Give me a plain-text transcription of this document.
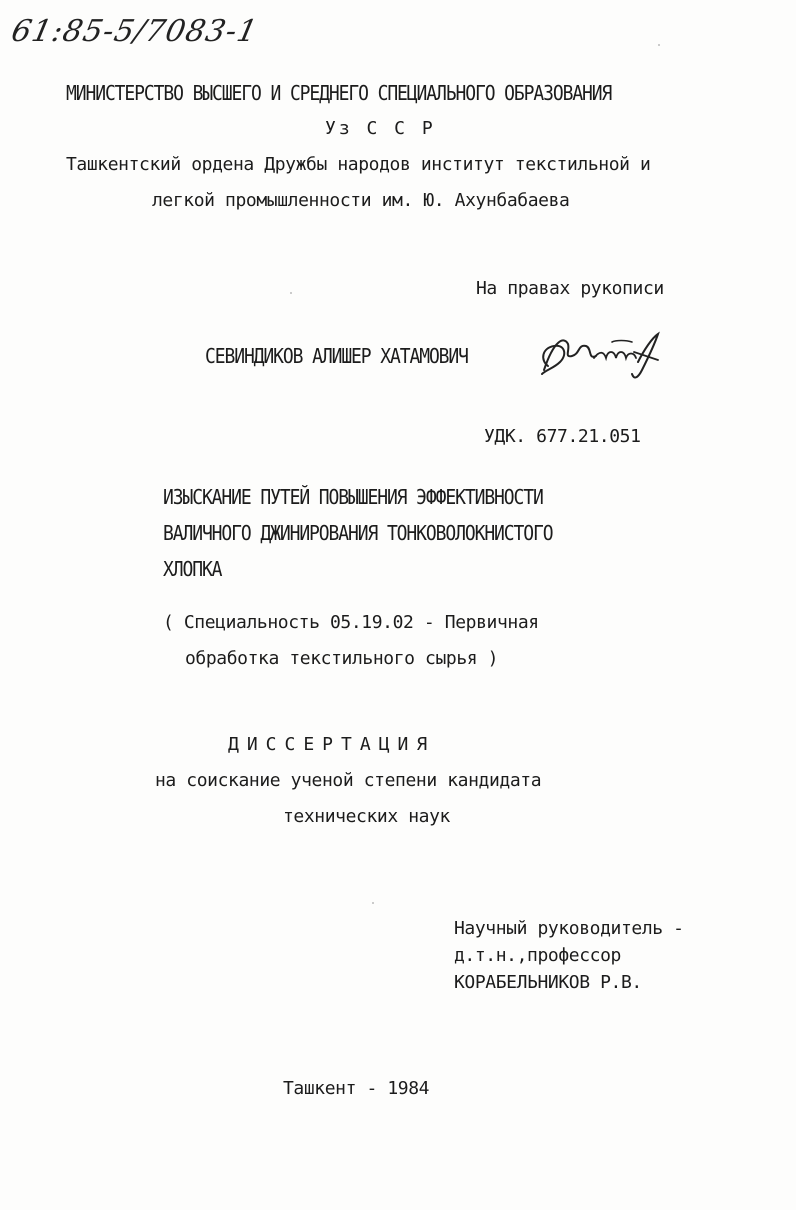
61:85-5/7083-1
МИНИСТЕРСТВО ВЫСШЕГО И СРЕДНЕГО СПЕЦИАЛЬНОГО ОБРАЗОВАНИЯ
Уз С С Р
Ташкентский ордена Дружбы народов институт текстильной и
легкой промышленности им. Ю. Ахунбабаева
На правах рукописи
СЕВИНДИКОВ АЛИШЕР ХАТАМОВИЧ
УДК. 677.21.051
ИЗЫСКАНИЕ ПУТЕЙ ПОВЫШЕНИЯ ЭФФЕКТИВНОСТИ
ВАЛИЧНОГО ДЖИНИРОВАНИЯ ТОНКОВОЛОКНИСТОГО
ХЛОПКА
( Специальность 05.19.02 - Первичная
обработка текстильного сырья )
ДИССЕРТАЦИЯ
на соискание ученой степени кандидата
технических наук
Научный руководитель -
д.т.н.,профессор
КОРАБЕЛЬНИКОВ Р.В.
Ташкент - 1984
